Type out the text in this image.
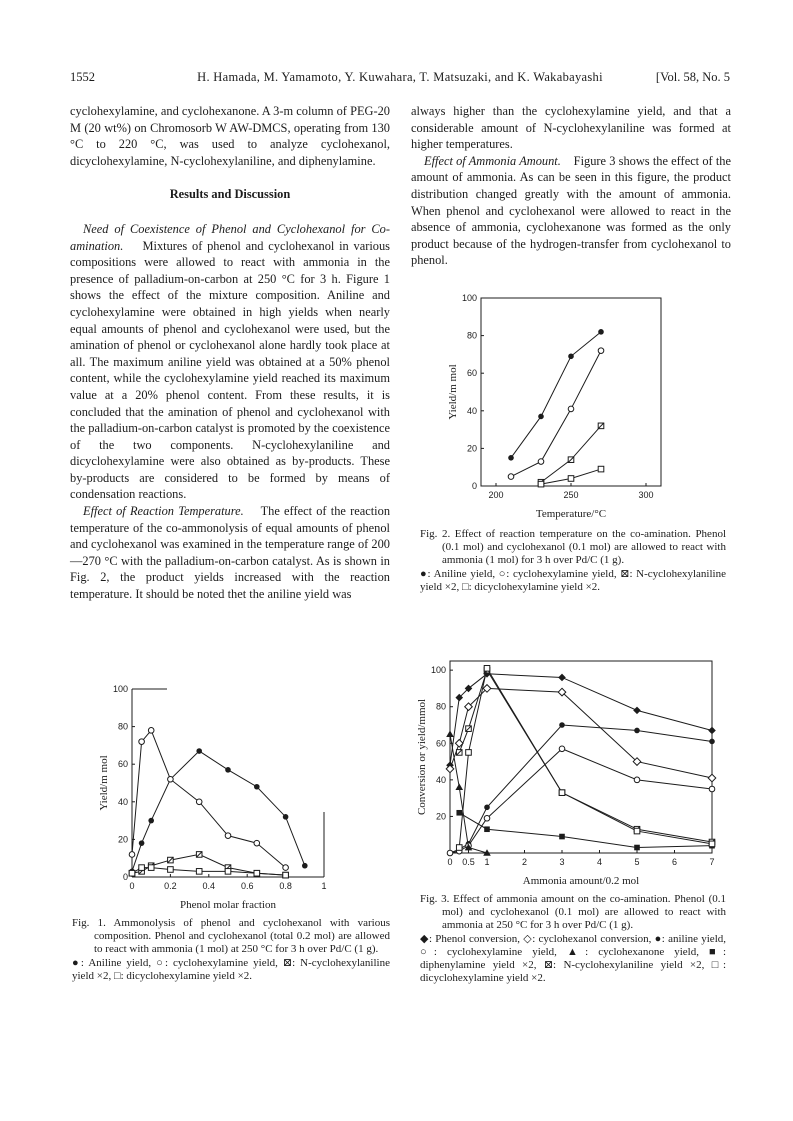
1552	H. Hamada, M. Yamamoto, Y. Kuwahara, T. Matsuzaki, and K. Wakabayashi	[Vol. 58, No. 5

cyclohexylamine, and cyclohexanone. A 3-m column of PEG-20 M (20 wt%) on Chromosorb W AW-DMCS, operating from 130 °C to 220 °C, was used to analyze cyclohexanol, dicyclohexylamine, N-cyclohexylaniline, and diphenylamine.

Results and Discussion

Need of Coexistence of Phenol and Cyclohexanol for Co-amination. Mixtures of phenol and cyclohexanol in various compositions were allowed to react with ammonia in the presence of palladium-on-carbon at 250 °C for 3 h. Figure 1 shows the effect of the mixture composition. Aniline and cyclohexylamine were obtained in high yields when nearly equal amounts of phenol and cyclohexanol were used, but the amination of phenol or cyclohexanol alone hardly took place at all. The maximum aniline yield was obtained at a 50% phenol content, while the cyclohexylamine yield reached its maximum value at a 20% phenol content. From these results, it is concluded that the amination of phenol and cyclohexanol with the palladium-on-carbon catalyst is promoted by the coexistence of the two components. N-cyclohexylaniline and dicyclohexylamine were also obtained as by-products. These by-products are considered to be formed by means of condensation reactions.

Effect of Reaction Temperature. The effect of the reaction temperature of the co-ammonolysis of equal amounts of phenol and cyclohexanol was examined in the temperature range of 200—270 °C with the palladium-on-carbon catalyst. As is shown in Fig. 2, the product yields increased with the reaction temperature. It should be noted thet the aniline yield was

always higher than the cyclohexylamine yield, and that a considerable amount of N-cyclohexylaniline was formed at higher temperatures.

Effect of Ammonia Amount. Figure 3 shows the effect of the amount of ammonia. As can be seen in this figure, the product distribution changed greatly with the amount of ammonia. When phenol and cyclohexanol were allowed to react in the absence of ammonia, cyclohexanone was formed as the only product because of the hydrogen-transfer from cyclohexanol to phenol.

0
20
40
60
80
100
0	0.2	0.4	0.6	0.8	1
Phenol molar fraction
Yield/m mol

Fig. 1. Ammonolysis of phenol and cyclohexanol with various composition. Phenol and cyclohexanol (total 0.2 mol) are allowed to react with ammonia (1 mol) at 250 °C for 3 h over Pd/C (1 g).

●: Aniline yield, ○: cyclohexylamine yield, ⊠: N-cyclohexylaniline yield ×2, □: dicyclohexylamine yield ×2.

0
20
40
60
80
100
200	250	300
Temperature/°C
Yield/m mol

Fig. 2. Effect of reaction temperature on the co-amination. Phenol (0.1 mol) and cyclohexanol (0.1 mol) are allowed to react with ammonia (1 mol) for 3 h over Pd/C (1 g).

●: Aniline yield, ○: cyclohexylamine yield, ⊠: N-cyclohexylaniline yield ×2, □: dicyclohexylamine yield ×2.

20
40
60
80
100
0 0.5 1	2	3	4	5	6	7
Ammonia amount/0.2 mol
Conversion or yield/mmol

Fig. 3. Effect of ammonia amount on the co-amination. Phenol (0.1 mol) and cyclohexanol (0.1 mol) are allowed to react with ammonia at 250 °C for 3 h over Pd/C (1 g).

◆: Phenol conversion, ◇: cyclohexanol conversion, ●: aniline yield, ○: cyclohexylamine yield, ▲: cyclohexanone yield, ■: diphenylamine yield ×2, ⊠: N-cyclohexylaniline yield ×2, □: dicyclohexylamine yield ×2.
